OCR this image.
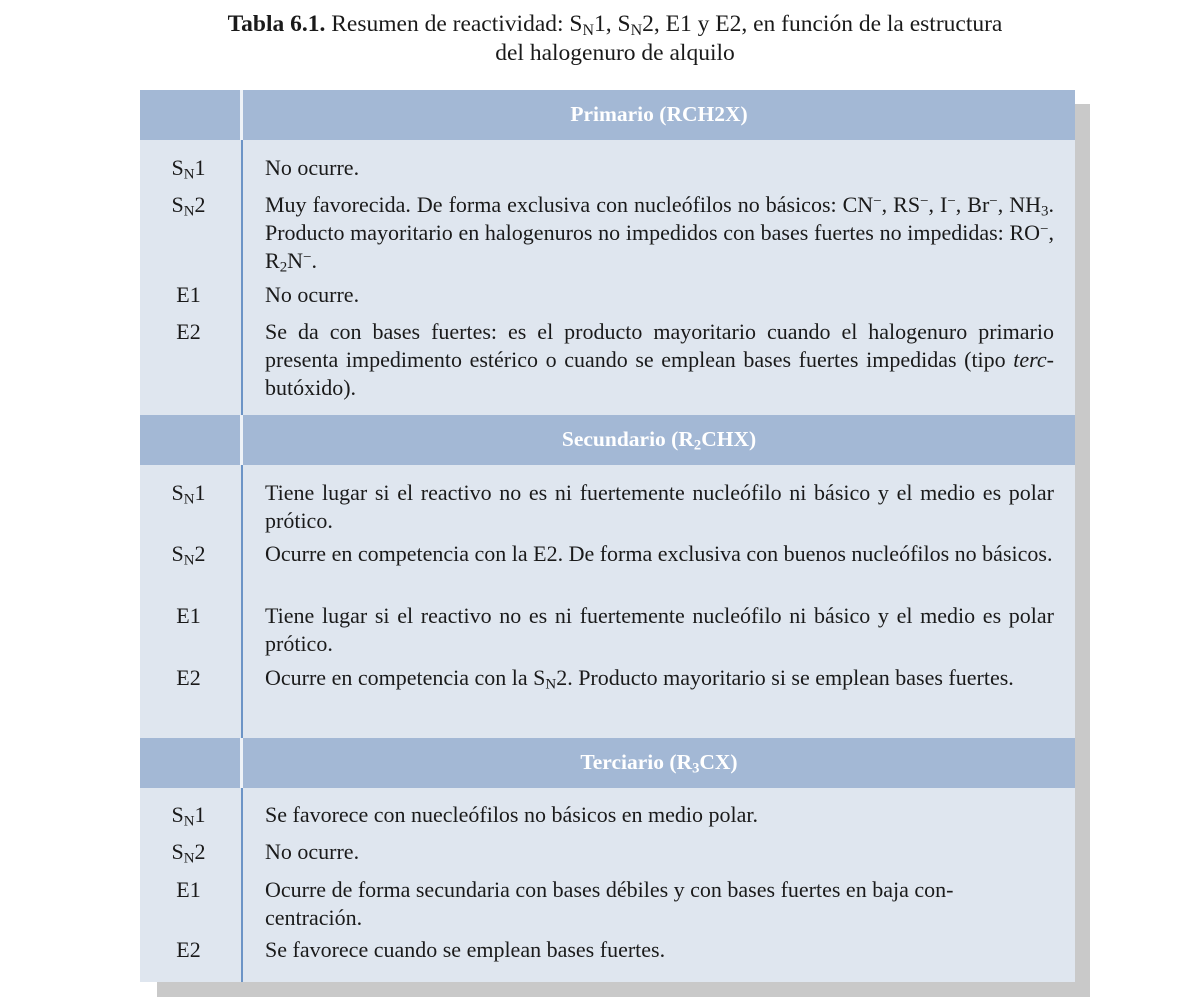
Tabla 6.1. Resumen de reactividad: $S_N1$, $S_N2$, E1 y E2, en función de la estructura
del halogenuro de alquilo
Primario (RCH2X)
$S_N1$	No ocurre.
$S_N2$	Muy favorecida. De forma exclusiva con nucleófilos no básicos: CN−, RS−, I−, Br−, $NH_3$. Producto mayoritario en halogenuros no impedidos con bases fuertes no impedidas: RO−, $R_2N^-$.
E1	No ocurre.
E2	Se da con bases fuertes: es el producto mayoritario cuando el halogenuro primario presenta impedimento estérico o cuando se emplean bases fuertes impedidas (tipo terc-butóxido).
Secundario $(R_2CHX)$
$S_N1$	Tiene lugar si el reactivo no es ni fuertemente nucleófilo ni básico y el medio es polar prótico.
$S_N2$	Ocurre en competencia con la E2. De forma exclusiva con buenos nucleófilos no básicos.
E1	Tiene lugar si el reactivo no es ni fuertemente nucleófilo ni básico y el medio es polar prótico.
E2	Ocurre en competencia con la $S_N2$. Producto mayoritario si se emplean bases fuertes.
Terciario $(R_3CX)$
$S_N1$	Se favorece con nuecleófilos no básicos en medio polar.
$S_N2$	No ocurre.
E1	Ocurre de forma secundaria con bases débiles y con bases fuertes en baja con-
centración.
E2	Se favorece cuando se emplean bases fuertes.
